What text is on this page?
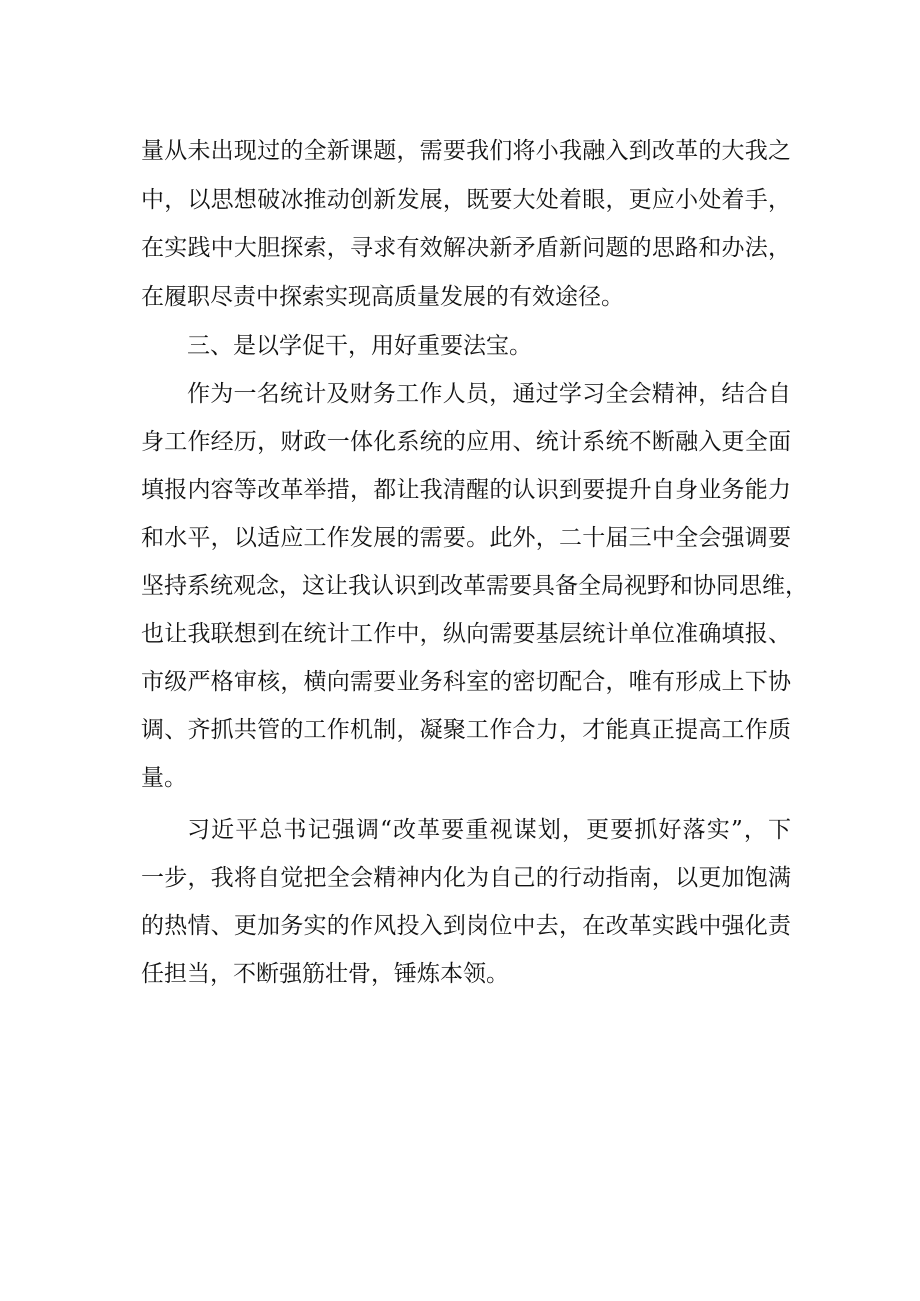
量从未出现过的全新课题，需要我们将小我融入到改革的大我之
中，以思想破冰推动创新发展，既要大处着眼，更应小处着手，
在实践中大胆探索，寻求有效解决新矛盾新问题的思路和办法，
在履职尽责中探索实现高质量发展的有效途径。
三、是以学促干，用好重要法宝。
作为一名统计及财务工作人员，通过学习全会精神，结合自
身工作经历，财政一体化系统的应用、统计系统不断融入更全面
填报内容等改革举措，都让我清醒的认识到要提升自身业务能力
和水平，以适应工作发展的需要。此外，二十届三中全会强调要
坚持系统观念，这让我认识到改革需要具备全局视野和协同思维，
也让我联想到在统计工作中，纵向需要基层统计单位准确填报、
市级严格审核，横向需要业务科室的密切配合，唯有形成上下协
调、齐抓共管的工作机制，凝聚工作合力，才能真正提高工作质
量。
习近平总书记强调“改革要重视谋划，更要抓好落实”，下
一步，我将自觉把全会精神内化为自己的行动指南，以更加饱满
的热情、更加务实的作风投入到岗位中去，在改革实践中强化责
任担当，不断强筋壮骨，锤炼本领。
